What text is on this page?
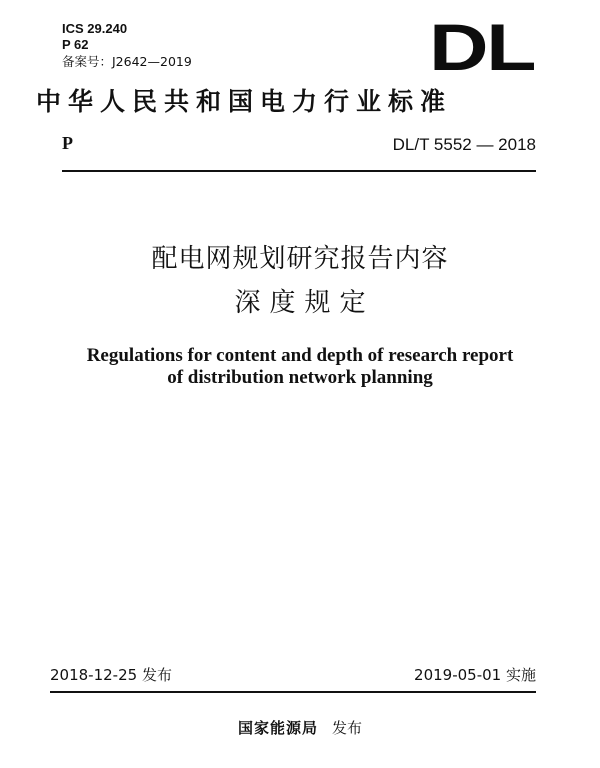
ICS 29.240
P 62
备案号：J2642—2019	DL
中华人民共和国电力行业标准
P	DL/T 5552 — 2018
配电网规划研究报告内容
深度规定
Regulations for content and depth of research report
of distribution network planning
2018-12-25 发布	2019-05-01 实施
国家能源局 发布
